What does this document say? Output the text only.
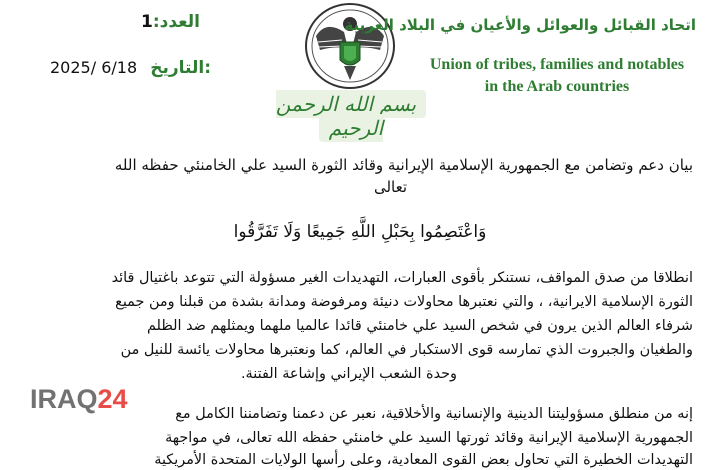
العدد:1
2025/ 6/18 التاريخ:
اتحاد القبائل والعوائل والأعيان في البلاد العربية
Union of tribes, families and notables
in the Arab countries
بسم الله الرحمن الرحيم
بيان دعم وتضامن مع الجمهورية الإسلامية الإيرانية وقائد الثورة السيد علي الخامنئي حفظه الله
تعالى
وَاعْتَصِمُوا بِحَبْلِ اللَّهِ جَمِيعًا وَلَا تَفَرَّقُوا
انطلاقا من صدق المواقف، نستنكر بأقوى العبارات، التهديدات الغير مسؤولة التي تتوعد باغتيال قائد
الثورة الإسلامية الايرانية، ، والتي نعتبرها محاولات دنيئة ومرفوضة ومدانة بشدة من قبلنا ومن جميع
شرفاء العالم الذين يرون في شخص السيد علي خامنئي قائدا عالميا ملهما ويمثلهم ضد الظلم
والطغيان والجبروت الذي تمارسه قوى الاستكبار في العالم، كما ونعتبرها محاولات يائسة للنيل من
وحدة الشعب الإيراني وإشاعة الفتنة.
إنه من منطلق مسؤوليتنا الدينية والإنسانية والأخلاقية، نعبر عن دعمنا وتضامننا الكامل مع
الجمهورية الإسلامية الإيرانية وقائد ثورتها السيد علي خامنئي حفظه الله تعالى، في مواجهة
التهديدات الخطيرة التي تحاول بعض القوى المعادية، وعلى رأسها الولايات المتحدة الأمريكية
IRAQ24
